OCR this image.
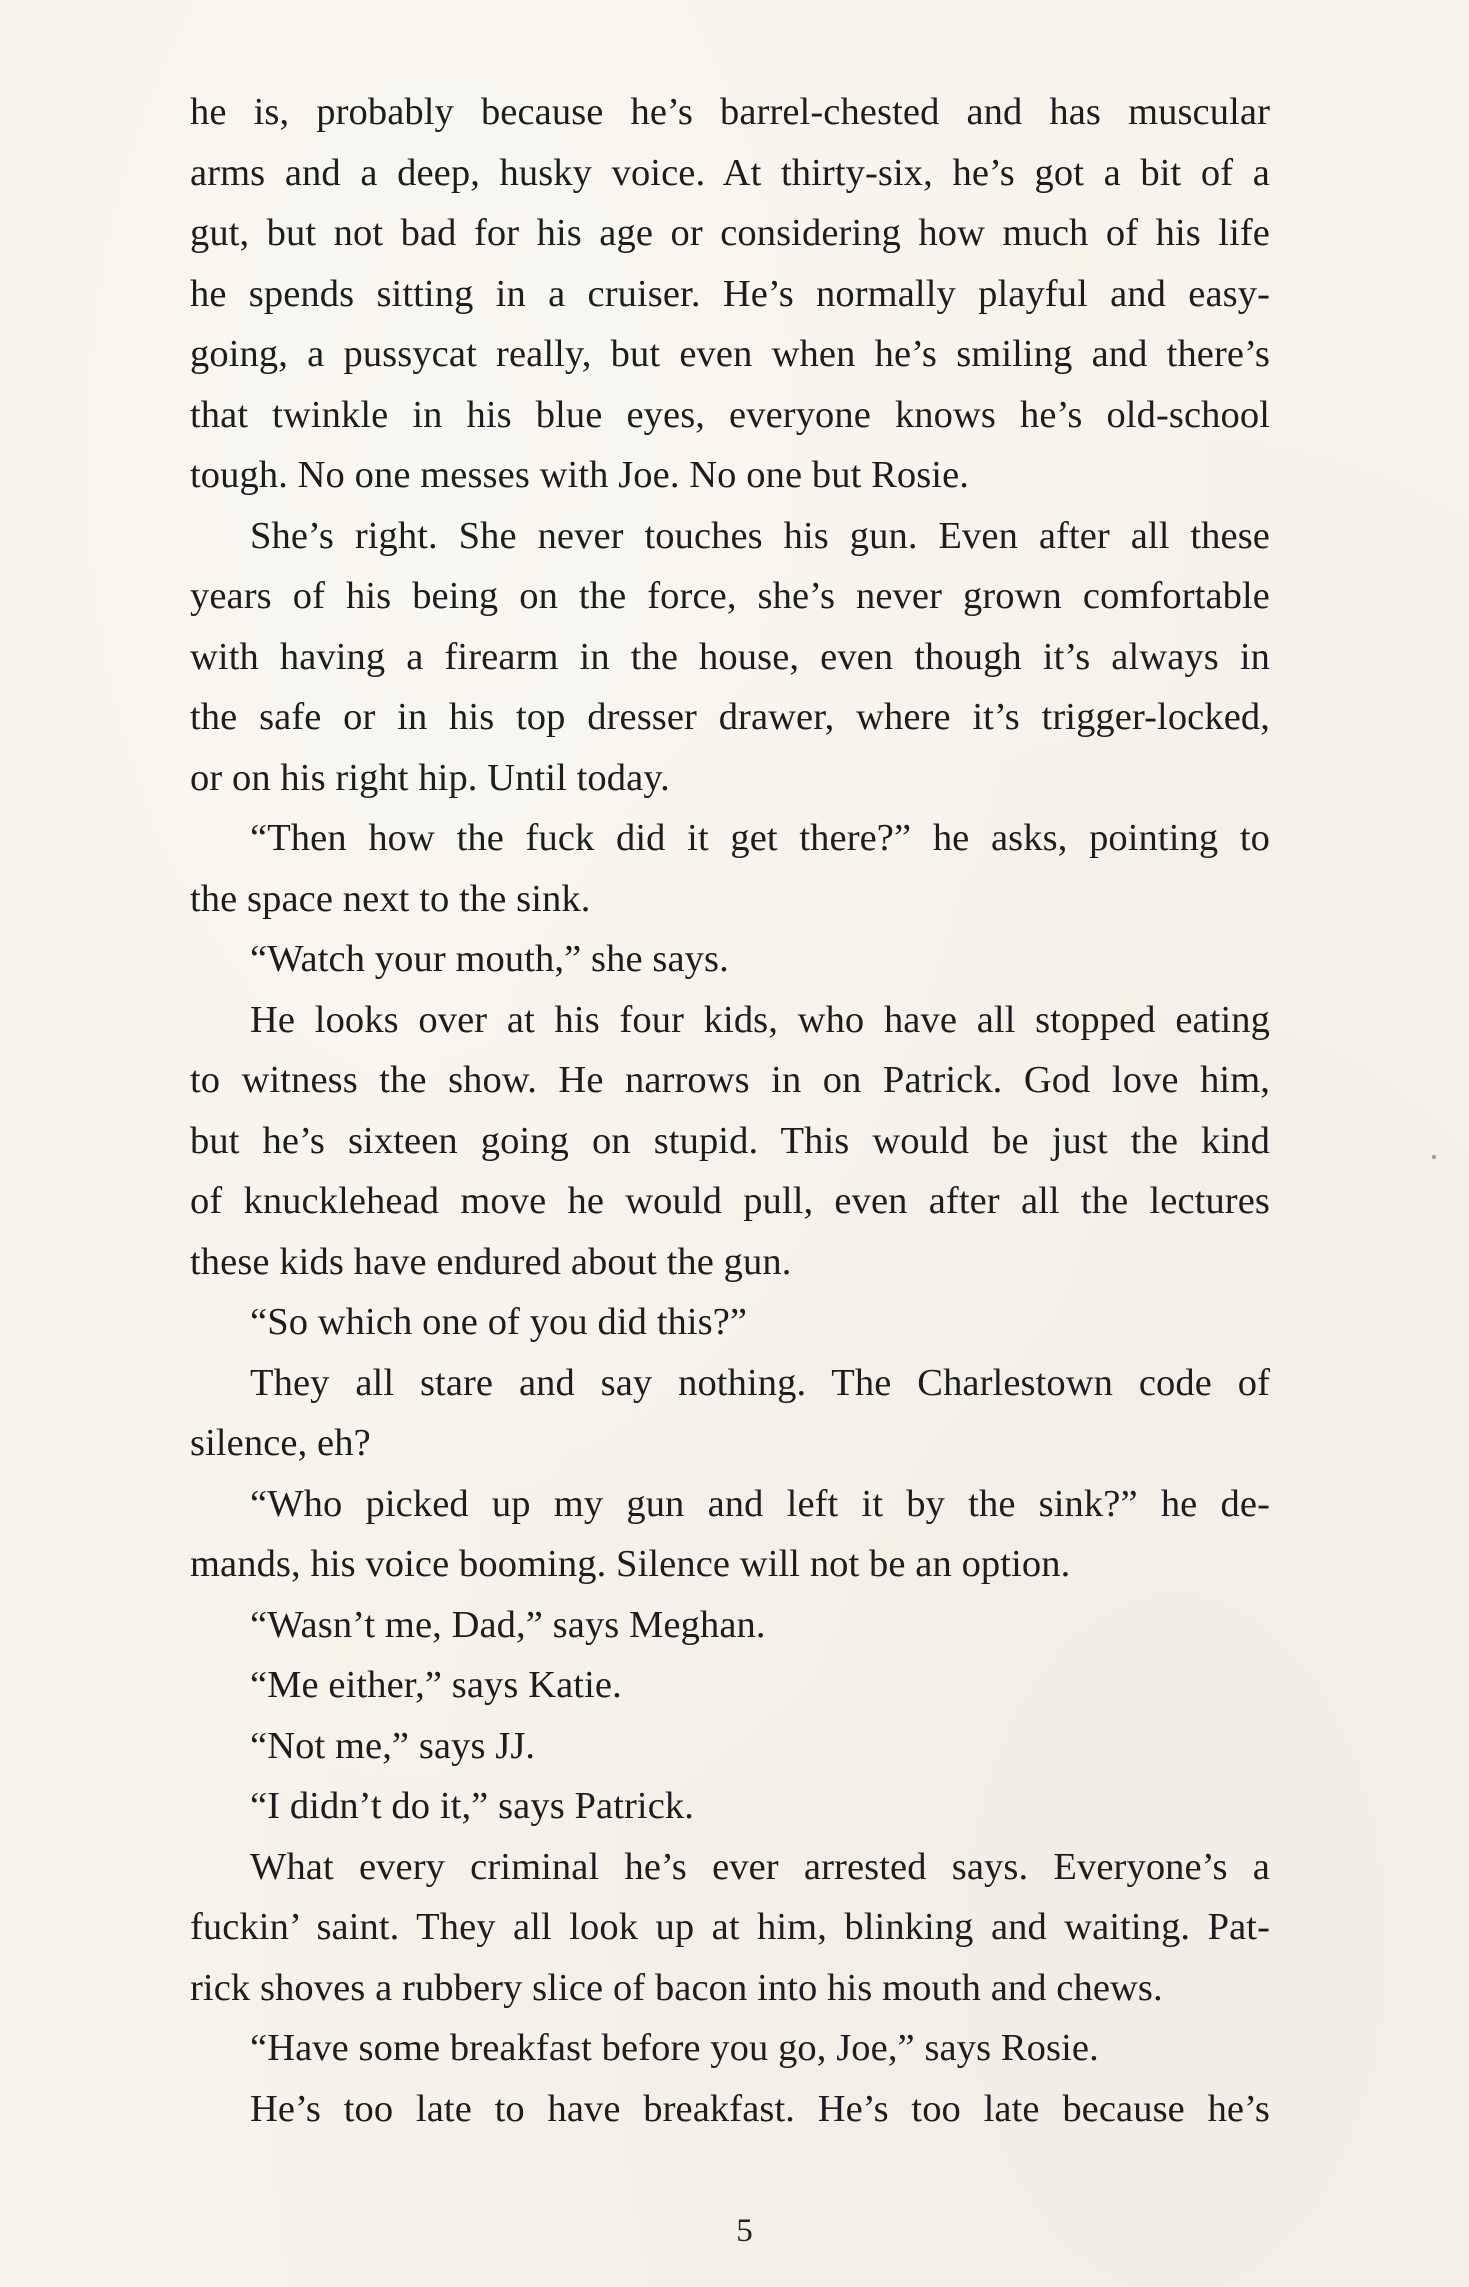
he is, probably because he’s barrel-chested and has muscular
arms and a deep, husky voice. At thirty-six, he’s got a bit of a
gut, but not bad for his age or considering how much of his life
he spends sitting in a cruiser. He’s normally playful and easy-
going, a pussycat really, but even when he’s smiling and there’s
that twinkle in his blue eyes, everyone knows he’s old-school
tough. No one messes with Joe. No one but Rosie.
She’s right. She never touches his gun. Even after all these
years of his being on the force, she’s never grown comfortable
with having a firearm in the house, even though it’s always in
the safe or in his top dresser drawer, where it’s trigger-locked,
or on his right hip. Until today.
“Then how the fuck did it get there?” he asks, pointing to
the space next to the sink.
“Watch your mouth,” she says.
He looks over at his four kids, who have all stopped eating
to witness the show. He narrows in on Patrick. God love him,
but he’s sixteen going on stupid. This would be just the kind
of knucklehead move he would pull, even after all the lectures
these kids have endured about the gun.
“So which one of you did this?”
They all stare and say nothing. The Charlestown code of
silence, eh?
“Who picked up my gun and left it by the sink?” he de-
mands, his voice booming. Silence will not be an option.
“Wasn’t me, Dad,” says Meghan.
“Me either,” says Katie.
“Not me,” says JJ.
“I didn’t do it,” says Patrick.
What every criminal he’s ever arrested says. Everyone’s a
fuckin’ saint. They all look up at him, blinking and waiting. Pat-
rick shoves a rubbery slice of bacon into his mouth and chews.
“Have some breakfast before you go, Joe,” says Rosie.
He’s too late to have breakfast. He’s too late because he’s
5
